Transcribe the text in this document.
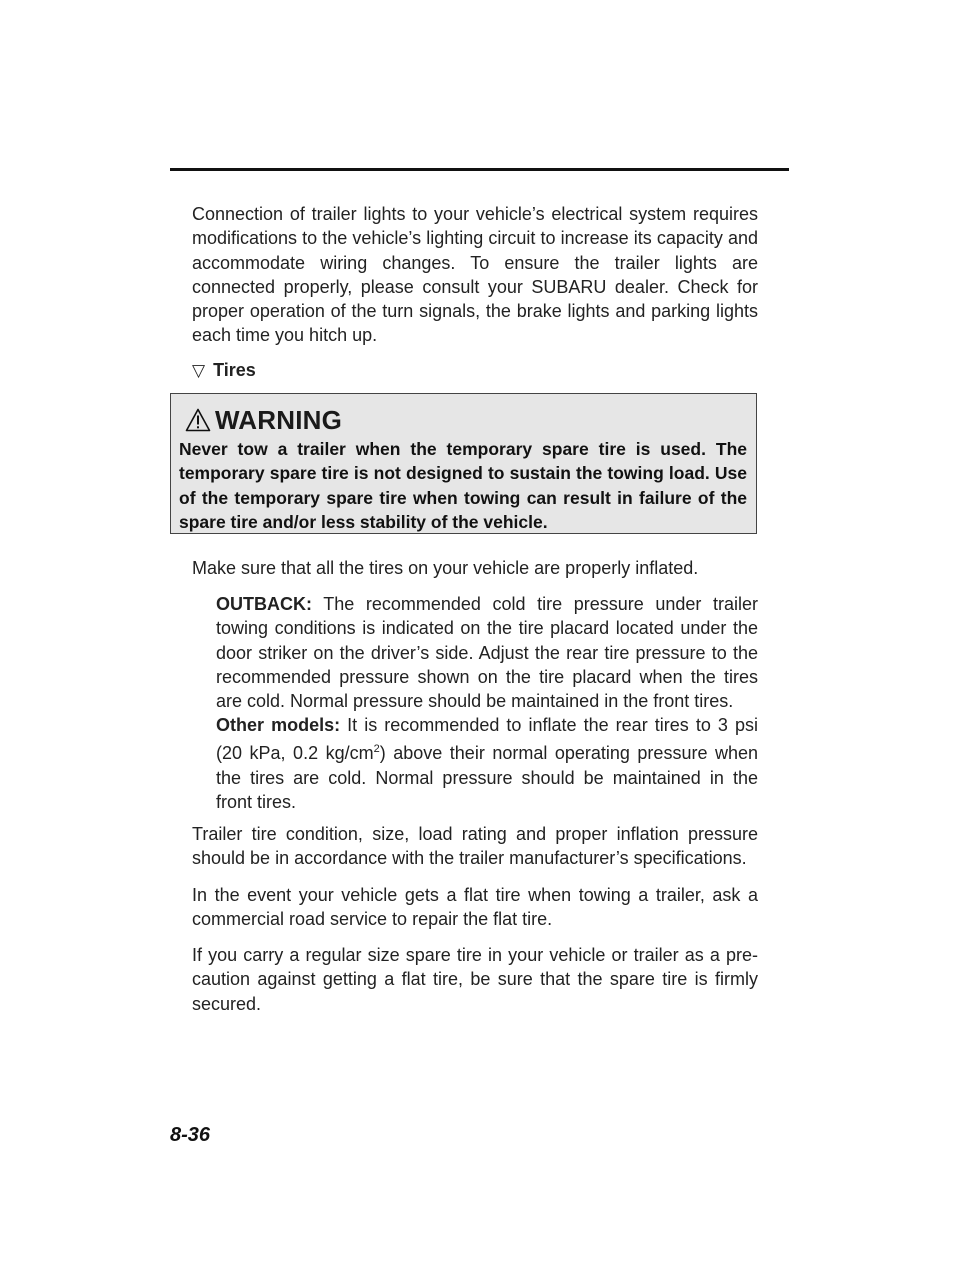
Connection of trailer lights to your vehicle’s electrical system requires modifications to the vehicle’s lighting circuit to increase its capacity and accommodate wiring changes. To ensure the trailer lights are connected properly, please consult your SUBARU dealer. Check for proper operation of the turn signals, the brake lights and parking lights each time you hitch up.

▽ Tires

WARNING

Never tow a trailer when the temporary spare tire is used. The temporary spare tire is not designed to sustain the towing load. Use of the temporary spare tire when towing can result in failure of the spare tire and/or less stability of the vehicle.

Make sure that all the tires on your vehicle are properly inflated.

OUTBACK: The recommended cold tire pressure under trailer towing conditions is indicated on the tire placard located under the door striker on the driver’s side. Adjust the rear tire pressure to the recommended pressure shown on the tire placard when the tires are cold. Normal pressure should be maintained in the front tires.

Other models: It is recommended to inflate the rear tires to 3 psi (20 kPa, 0.2 $kg/cm^2$) above their normal operating pressure when the tires are cold. Normal pressure should be maintained in the front tires.

Trailer tire condition, size, load rating and proper inflation pressure should be in accordance with the trailer manufacturer’s specifications.

In the event your vehicle gets a flat tire when towing a trailer, ask a commercial road service to repair the flat tire.

If you carry a regular size spare tire in your vehicle or trailer as a pre-caution against getting a flat tire, be sure that the spare tire is firmly secured.

8-36
